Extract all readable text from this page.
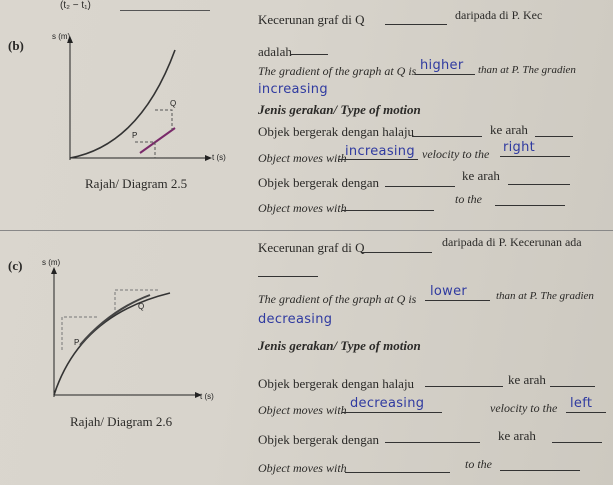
(t₂ − t₁)
(b)
s (m)
t (s)
P
Q
Rajah/ Diagram 2.5
Kecerunan graf di Q	daripada di P. Kec
adalah
The gradient of the graph at Q is higher than at P. The gradien
increasing
Jenis gerakan/ Type of motion
Objek bergerak dengan halaju	ke arah
Object moves with
increasing velocity to the right
Objek bergerak dengan	ke arah
Object moves with
to the
(c) s (m)
t (s)
P
Q
Rajah/ Diagram 2.6
Kecerunan graf di Q	daripada di P. Kecerunan ada
The gradient of the graph at Q is lower	than at P. The gradien
decreasing
Jenis gerakan/ Type of motion
Objek bergerak dengan halaju	ke arah
Object moves with decreasing	velocity to the left
Objek bergerak dengan	ke arah
Object moves with	to the
